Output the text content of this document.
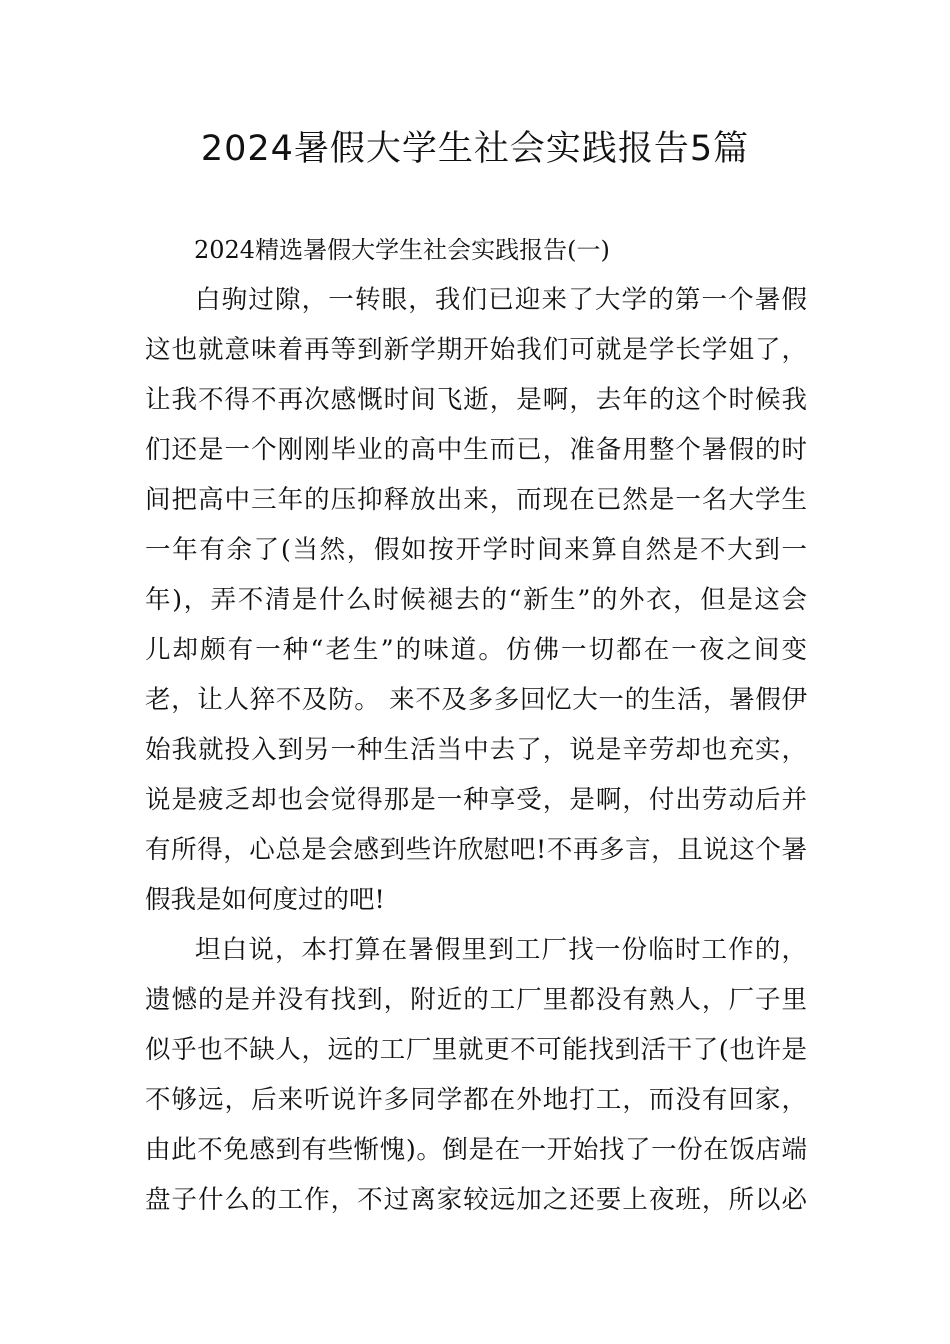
2024暑假大学生社会实践报告5篇

2024精选暑假大学生社会实践报告(一)

白驹过隙，一转眼，我们已迎来了大学的第一个暑假
这也就意味着再等到新学期开始我们可就是学长学姐了，
让我不得不再次感慨时间飞逝，是啊，去年的这个时候我
们还是一个刚刚毕业的高中生而已，准备用整个暑假的时
间把高中三年的压抑释放出来，而现在已然是一名大学生
一年有余了(当然，假如按开学时间来算自然是不大到一
年)，弄不清是什么时候褪去的“新生”的外衣，但是这会
儿却颇有一种“老生”的味道。仿佛一切都在一夜之间变
老，让人猝不及防。 来不及多多回忆大一的生活，暑假伊
始我就投入到另一种生活当中去了，说是辛劳却也充实，
说是疲乏却也会觉得那是一种享受，是啊，付出劳动后并
有所得，心总是会感到些许欣慰吧!不再多言，且说这个暑
假我是如何度过的吧!
坦白说，本打算在暑假里到工厂找一份临时工作的，
遗憾的是并没有找到，附近的工厂里都没有熟人，厂子里
似乎也不缺人，远的工厂里就更不可能找到活干了(也许是
不够远，后来听说许多同学都在外地打工，而没有回家，
由此不免感到有些惭愧)。倒是在一开始找了一份在饭店端
盘子什么的工作，不过离家较远加之还要上夜班，所以必
